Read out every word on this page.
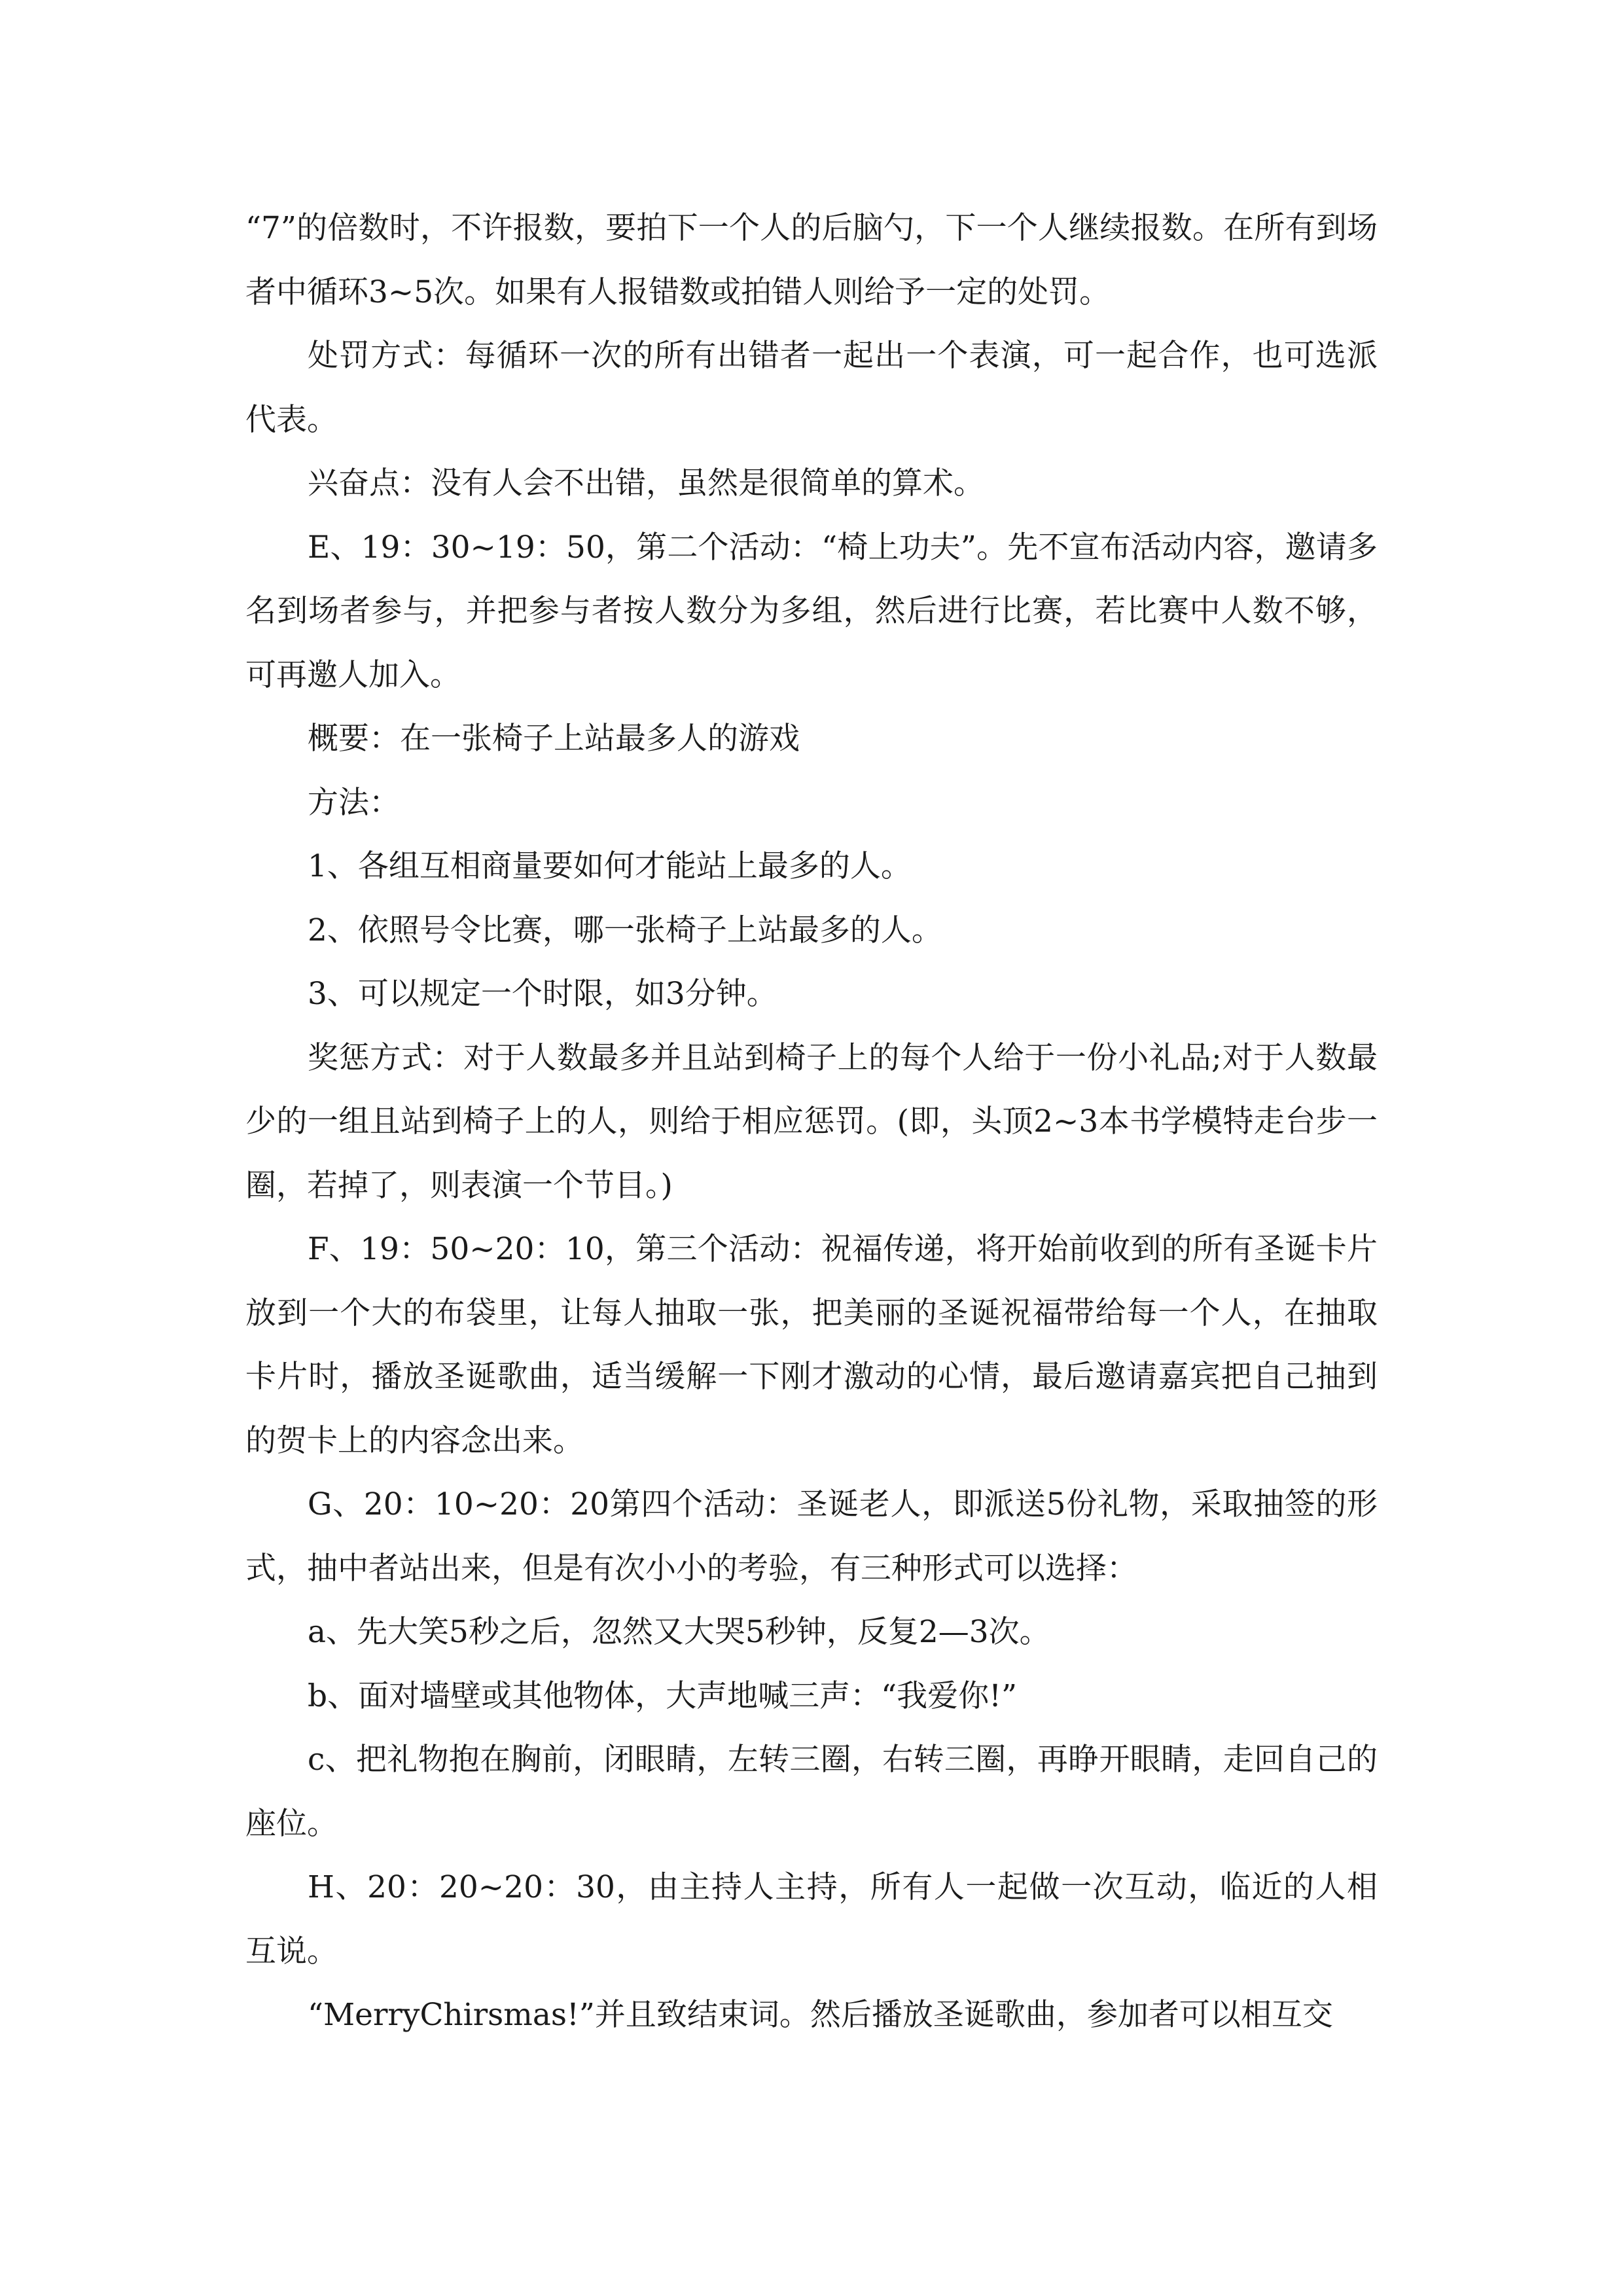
“7”的倍数时，不许报数，要拍下一个人的后脑勺，下一个人继续报数。在所有到场者中循环3~5次。如果有人报错数或拍错人则给予一定的处罚。

处罚方式：每循环一次的所有出错者一起出一个表演，可一起合作，也可选派代表。

兴奋点：没有人会不出错，虽然是很简单的算术。

E、19：30~19：50，第二个活动：“椅上功夫”。先不宣布活动内容，邀请多名到场者参与，并把参与者按人数分为多组，然后进行比赛，若比赛中人数不够，可再邀人加入。

概要：在一张椅子上站最多人的游戏

方法：

1、各组互相商量要如何才能站上最多的人。

2、依照号令比赛，哪一张椅子上站最多的人。

3、可以规定一个时限，如3分钟。

奖惩方式：对于人数最多并且站到椅子上的每个人给于一份小礼品;对于人数最少的一组且站到椅子上的人，则给于相应惩罚。(即，头顶2~3本书学模特走台步一圈，若掉了，则表演一个节目。)

F、19：50~20：10，第三个活动：祝福传递，将开始前收到的所有圣诞卡片放到一个大的布袋里，让每人抽取一张，把美丽的圣诞祝福带给每一个人，在抽取卡片时，播放圣诞歌曲，适当缓解一下刚才激动的心情，最后邀请嘉宾把自己抽到的贺卡上的内容念出来。

G、20：10~20：20第四个活动：圣诞老人，即派送5份礼物，采取抽签的形式，抽中者站出来，但是有次小小的考验，有三种形式可以选择：

a、先大笑5秒之后，忽然又大哭5秒钟，反复2—3次。

b、面对墙壁或其他物体，大声地喊三声：“我爱你!”

c、把礼物抱在胸前，闭眼睛，左转三圈，右转三圈，再睁开眼睛，走回自己的座位。

H、20：20~20：30，由主持人主持，所有人一起做一次互动，临近的人相互说。

“MerryChirsmas!”并且致结束词。然后播放圣诞歌曲，参加者可以相互交
